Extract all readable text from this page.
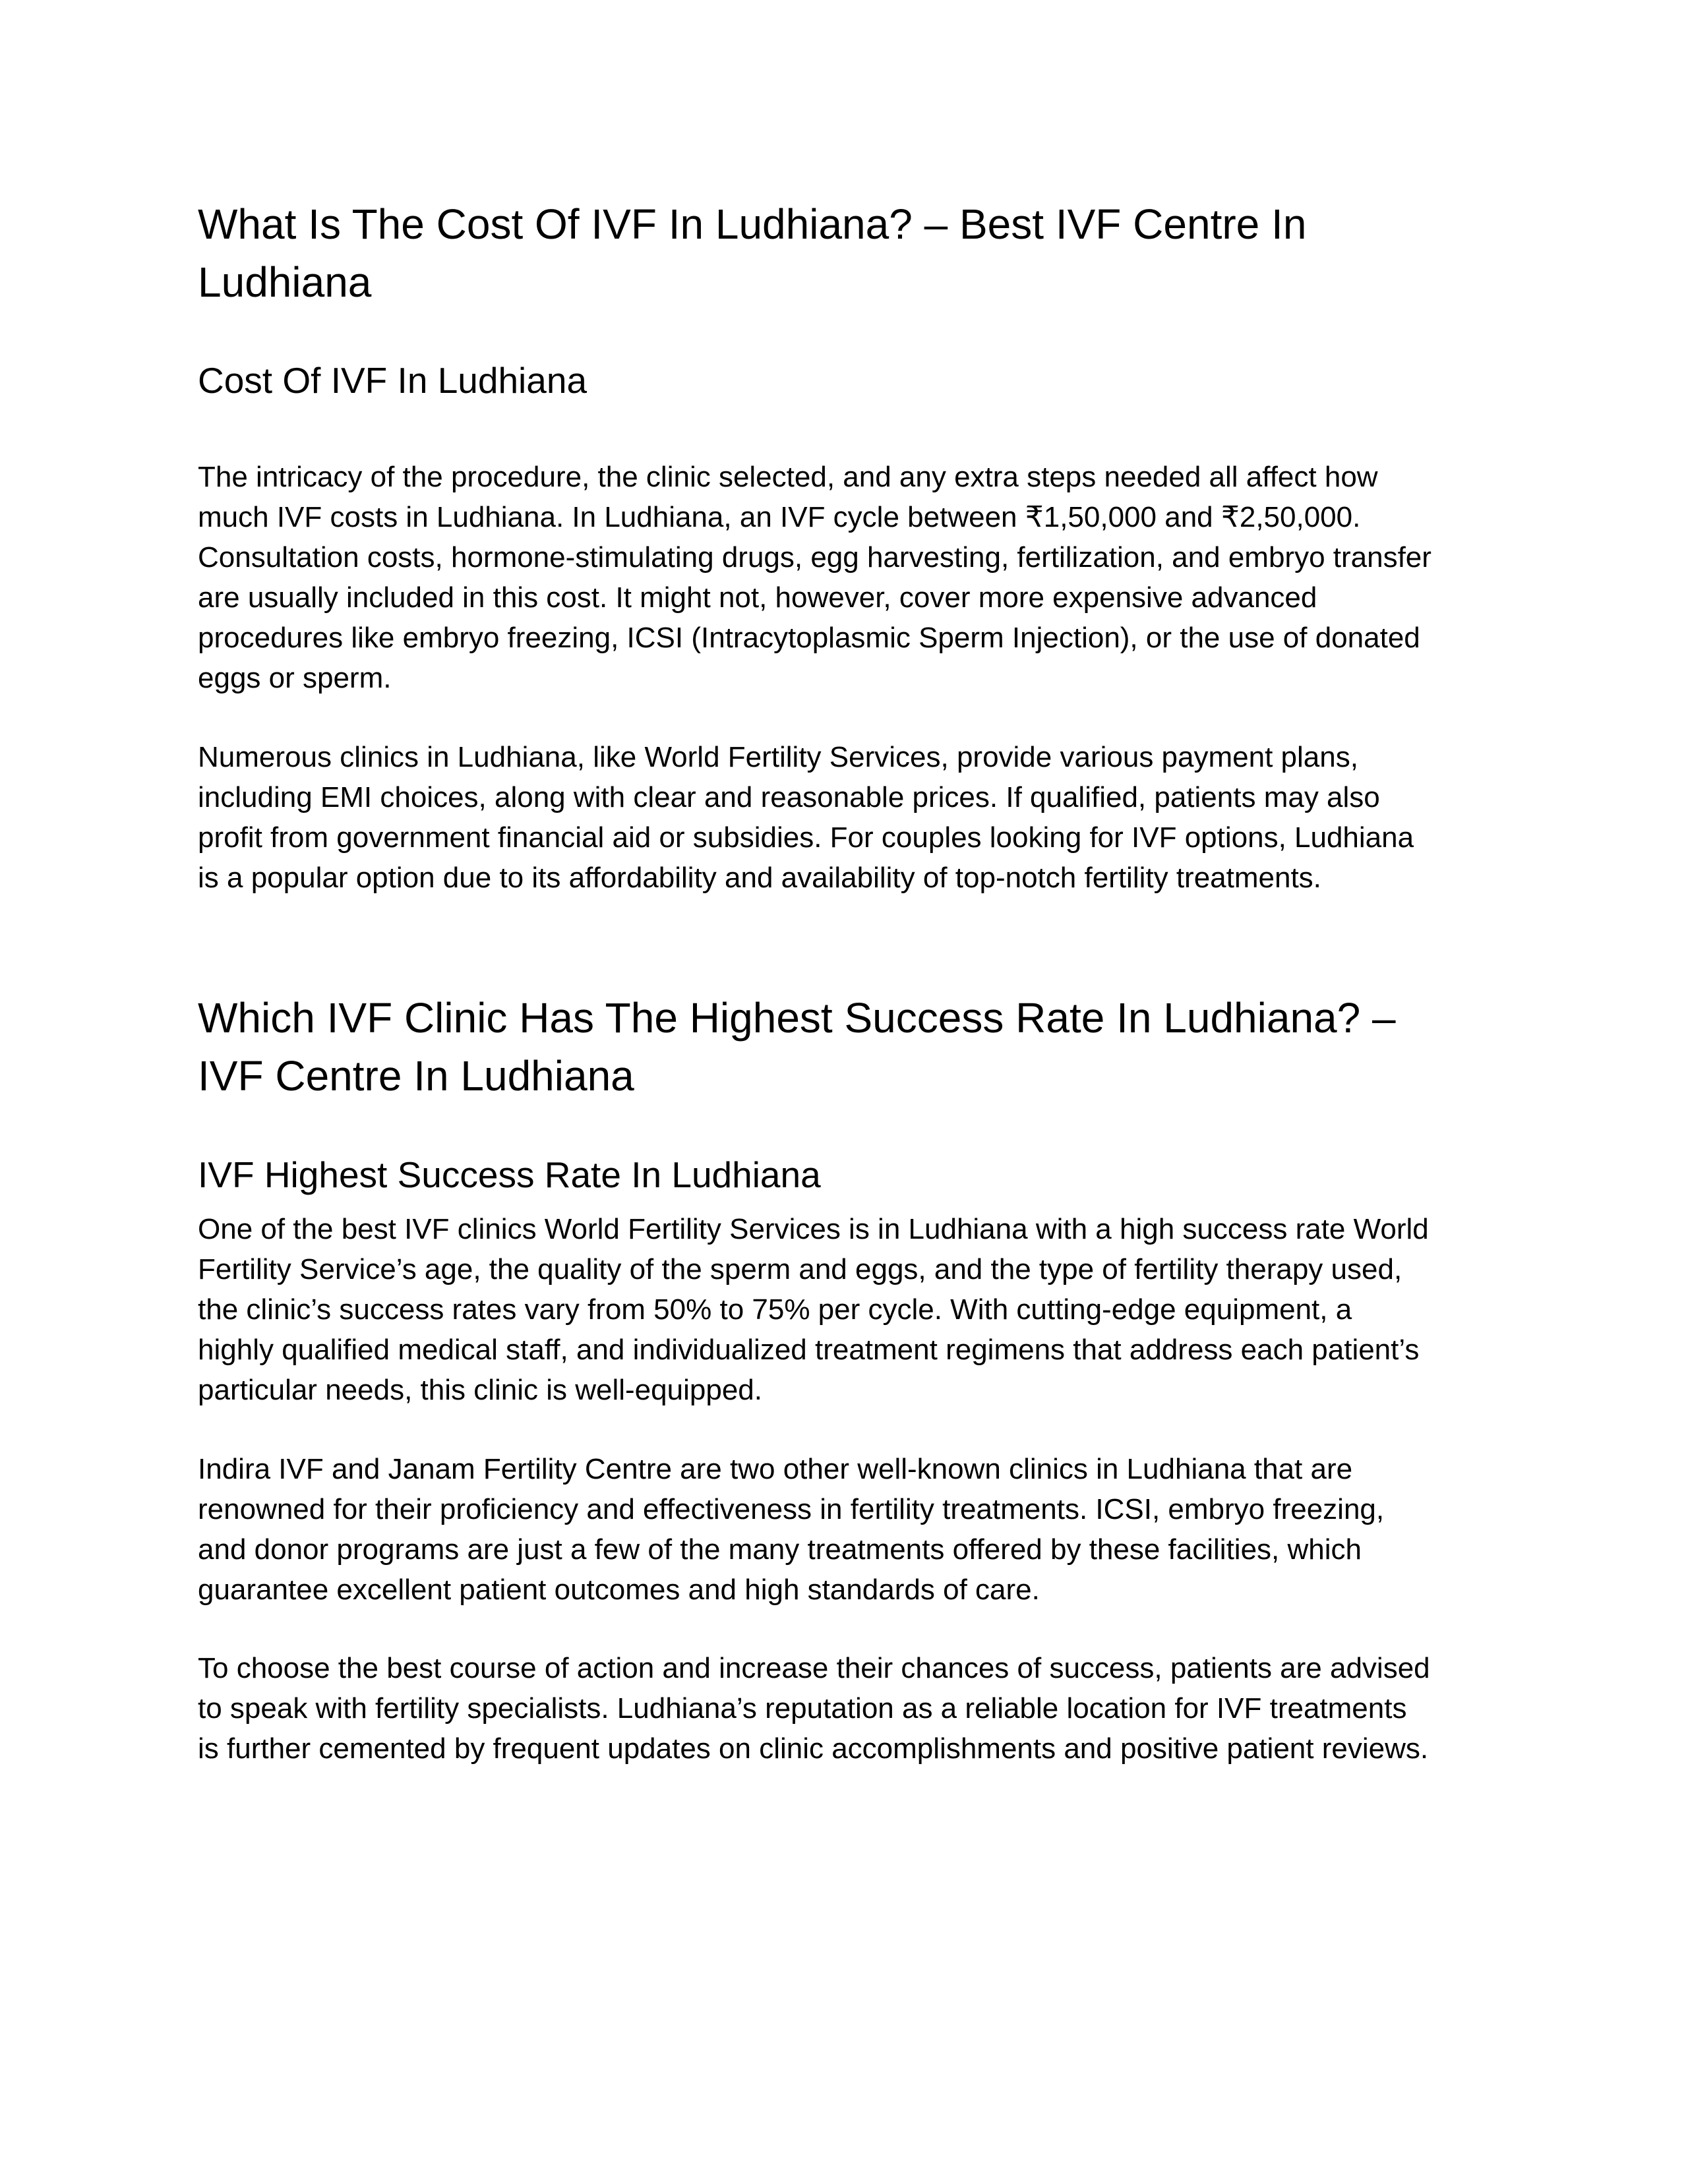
What Is The Cost Of IVF In Ludhiana? – Best IVF Centre In
Ludhiana
Cost Of IVF In Ludhiana

The intricacy of the procedure, the clinic selected, and any extra steps needed all affect how
much IVF costs in Ludhiana. In Ludhiana, an IVF cycle between ₹1,50,000 and ₹2,50,000.
Consultation costs, hormone-stimulating drugs, egg harvesting, fertilization, and embryo transfer
are usually included in this cost. It might not, however, cover more expensive advanced
procedures like embryo freezing, ICSI (Intracytoplasmic Sperm Injection), or the use of donated
eggs or sperm.

Numerous clinics in Ludhiana, like World Fertility Services, provide various payment plans,
including EMI choices, along with clear and reasonable prices. If qualified, patients may also
profit from government financial aid or subsidies. For couples looking for IVF options, Ludhiana
is a popular option due to its affordability and availability of top-notch fertility treatments.

Which IVF Clinic Has The Highest Success Rate In Ludhiana? –
IVF Centre In Ludhiana
IVF Highest Success Rate In Ludhiana

One of the best IVF clinics World Fertility Services is in Ludhiana with a high success rate World
Fertility Service’s age, the quality of the sperm and eggs, and the type of fertility therapy used,
the clinic’s success rates vary from 50% to 75% per cycle. With cutting-edge equipment, a
highly qualified medical staff, and individualized treatment regimens that address each patient’s
particular needs, this clinic is well-equipped.

Indira IVF and Janam Fertility Centre are two other well-known clinics in Ludhiana that are
renowned for their proficiency and effectiveness in fertility treatments. ICSI, embryo freezing,
and donor programs are just a few of the many treatments offered by these facilities, which
guarantee excellent patient outcomes and high standards of care.

To choose the best course of action and increase their chances of success, patients are advised
to speak with fertility specialists. Ludhiana’s reputation as a reliable location for IVF treatments
is further cemented by frequent updates on clinic accomplishments and positive patient reviews.
